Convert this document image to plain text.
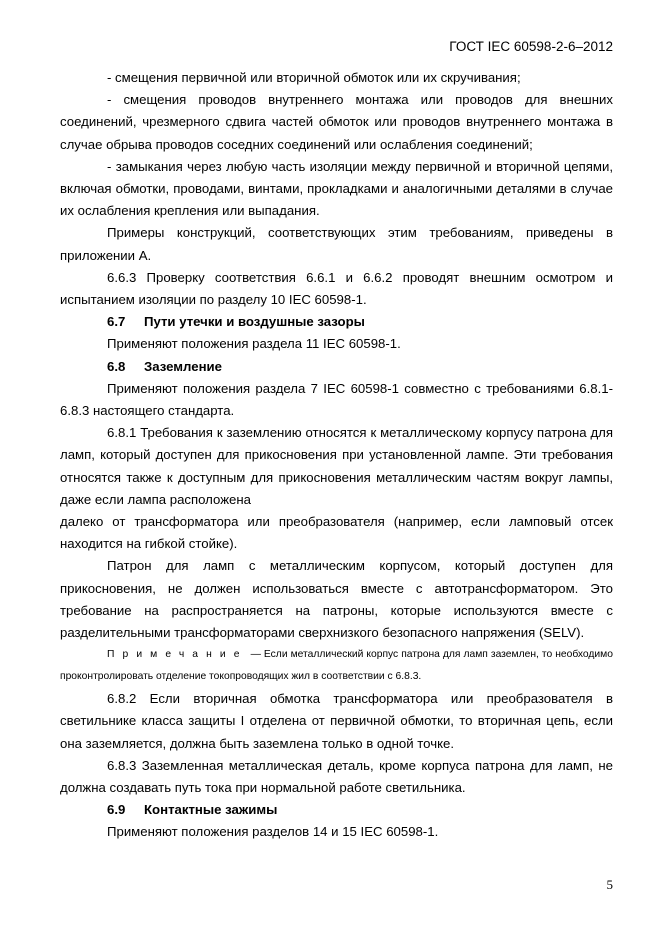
ГОСТ IEC 60598-2-6–2012

- смещения первичной или вторичной обмоток или их скручивания;

- смещения проводов внутреннего монтажа или проводов для внешних соединений, чрезмерного сдвига частей обмоток или проводов внутреннего монтажа в случае обрыва проводов соседних соединений или ослабления соединений;

- замыкания через любую часть изоляции между первичной и вторичной цепями, включая обмотки, проводами, винтами, прокладками и аналогичными деталями в случае их ослабления крепления или выпадания.

Примеры конструкций, соответствующих этим требованиям, приведены в приложении А.

6.6.3 Проверку соответствия 6.6.1 и 6.6.2 проводят внешним осмотром и испытанием изоляции по разделу 10 IEC 60598-1.

6.7 Пути утечки и воздушные зазоры

Применяют положения раздела 11 IEC 60598-1.

6.8 Заземление

Применяют положения раздела 7 IEC 60598-1 совместно с требованиями 6.8.1-6.8.3 настоящего стандарта.

6.8.1 Требования к заземлению относятся к металлическому корпусу патрона для ламп, который доступен для прикосновения при установленной лампе. Эти требования относятся также к доступным для прикосновения металлическим частям вокруг лампы, даже если лампа расположена

далеко от трансформатора или преобразователя (например, если ламповый отсек находится на гибкой стойке).

Патрон для ламп с металлическим корпусом, который доступен для прикосновения, не должен использоваться вместе с автотрансформатором. Это требование на распространяется на патроны, которые используются вместе с разделительными трансформаторами сверхнизкого безопасного напряжения (SELV).

Примечание — Если металлический корпус патрона для ламп заземлен, то необходимо проконтролировать отделение токопроводящих жил в соответствии с 6.8.3.

6.8.2 Если вторичная обмотка трансформатора или преобразователя в светильнике класса защиты I отделена от первичной обмотки, то вторичная цепь, если она заземляется, должна быть заземлена только в одной точке.

6.8.3 Заземленная металлическая деталь, кроме корпуса патрона для ламп, не должна создавать путь тока при нормальной работе светильника.

6.9 Контактные зажимы

Применяют положения разделов 14 и 15 IEC 60598-1.

5
